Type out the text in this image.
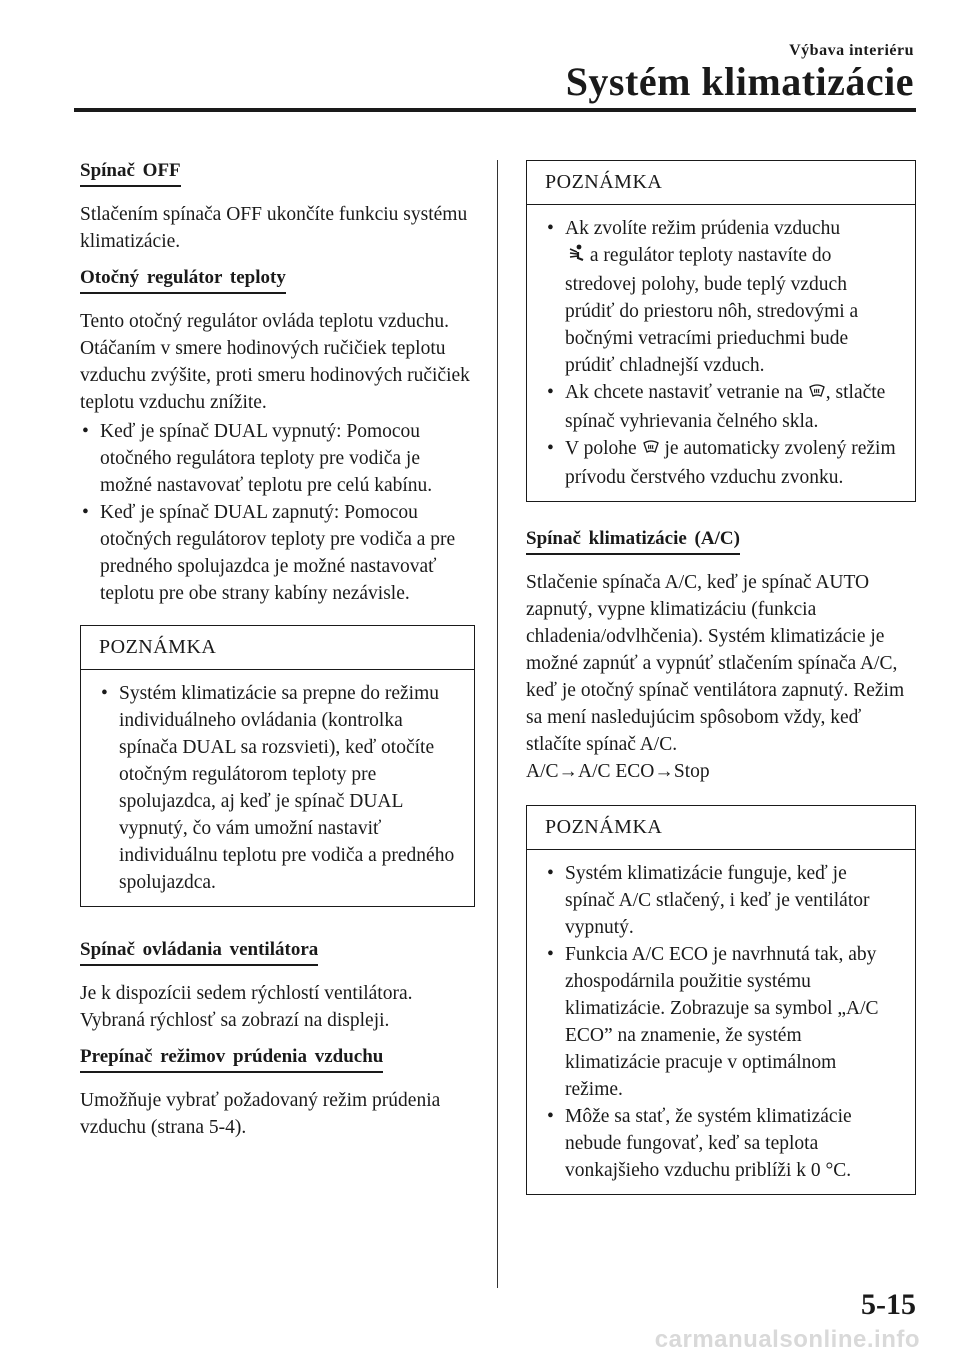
Výbava interiéru
Systém klimatizácie
Spínač OFF

Stlačením spínača OFF ukončíte funkciu systému klimatizácie.

Otočný regulátor teploty

Tento otočný regulátor ovláda teplotu vzduchu. Otáčaním v smere hodinových ručičiek teplotu vzduchu zvýšite, proti smeru hodinových ručičiek teplotu vzduchu znížite.

• Keď je spínač DUAL vypnutý: Pomocou otočného regulátora teploty pre vodiča je možné nastavovať teplotu pre celú kabínu.
• Keď je spínač DUAL zapnutý: Pomocou otočných regulátorov teploty pre vodiča a pre predného spolujazdca je možné nastavovať teplotu pre obe strany kabíny nezávisle.
POZNÁMKA
• Systém klimatizácie sa prepne do režimu individuálneho ovládania (kontrolka spínača DUAL sa rozsvieti), keď otočíte otočným regulátorom teploty pre spolujazdca, aj keď je spínač DUAL vypnutý, čo vám umožní nastaviť individuálnu teplotu pre vodiča a predného spolujazdca.
Spínač ovládania ventilátora

Je k dispozícii sedem rýchlostí ventilátora. Vybraná rýchlosť sa zobrazí na displeji.

Prepínač režimov prúdenia vzduchu

Umožňuje vybrať požadovaný režim prúdenia vzduchu (strana 5-4).

POZNÁMKA
• Ak zvolíte režim prúdenia vzduchu
a regulátor teploty nastavíte do stredovej polohy, bude teplý vzduch prúdiť do priestoru nôh, stredovými a bočnými vetracími prieduchmi bude prúdiť chladnejší vzduch.
• Ak chcete nastaviť vetranie na , stlačte spínač vyhrievania čelného skla.
• V polohe je automaticky zvolený režim prívodu čerstvého vzduchu zvonku.
Spínač klimatizácie (A/C)

Stlačenie spínača A/C, keď je spínač AUTO zapnutý, vypne klimatizáciu (funkcia chladenia/odvlhčenia). Systém klimatizácie je možné zapnúť a vypnúť stlačením spínača A/C, keď je otočný spínač ventilátora zapnutý. Režim sa mení nasledujúcim spôsobom vždy, keď stlačíte spínač A/C.

A/C→A/C ECO→Stop

POZNÁMKA
• Systém klimatizácie funguje, keď je spínač A/C stlačený, i keď je ventilátor vypnutý.
• Funkcia A/C ECO je navrhnutá tak, aby zhospodárnila použitie systému klimatizácie. Zobrazuje sa symbol „A/C ECO” na znamenie, že systém klimatizácie pracuje v optimálnom režime.
• Môže sa stať, že systém klimatizácie nebude fungovať, keď sa teplota vonkajšieho vzduchu priblíži k 0 °C.
5-15
carmanualsonline.info
